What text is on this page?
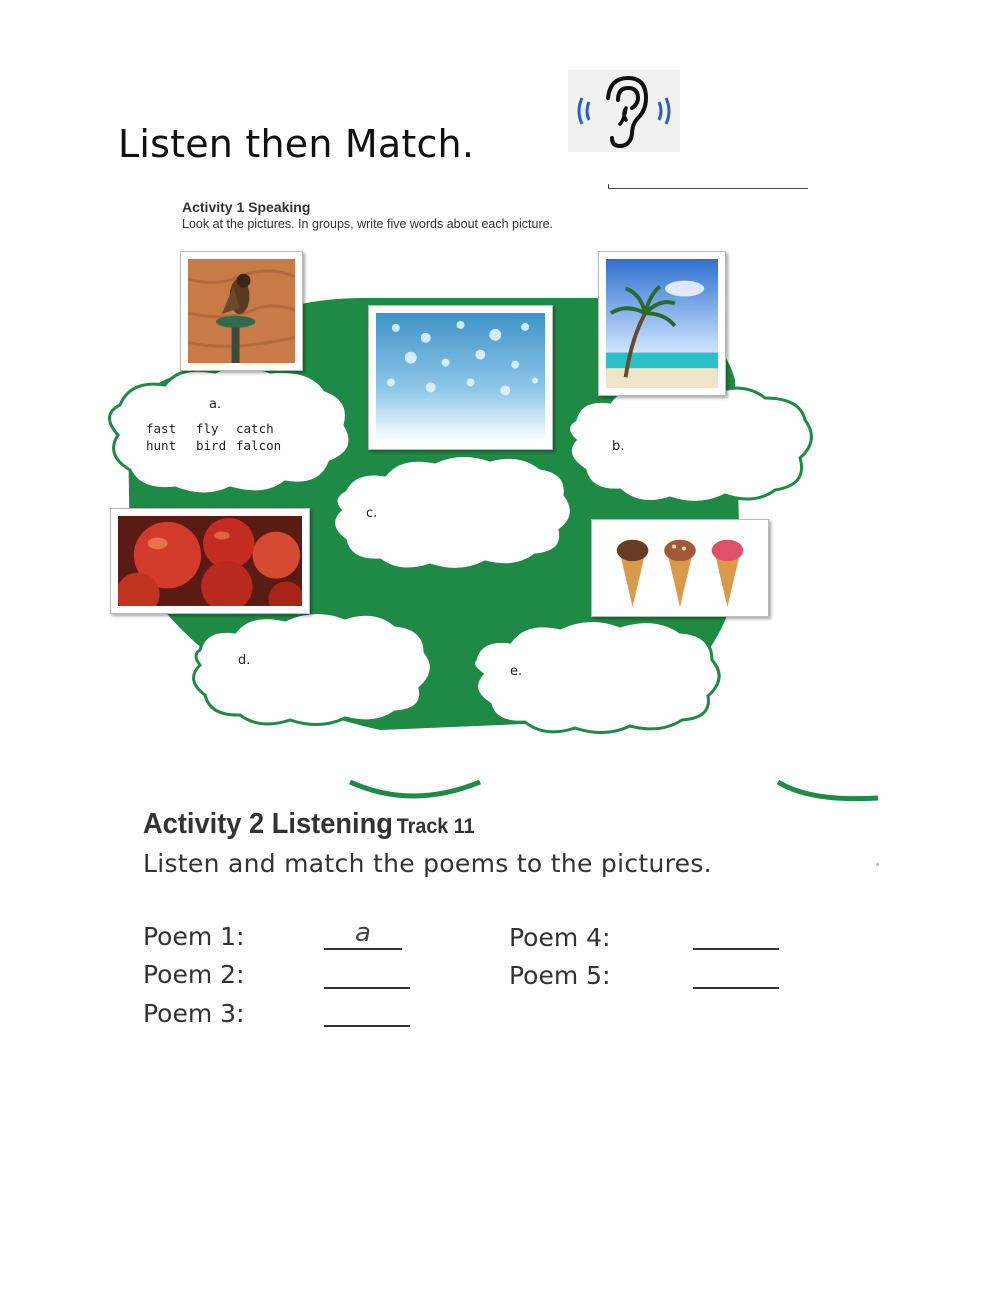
Listen then Match.
Activity 1 Speaking
Look at the pictures. In groups, write five words about each picture.
a.
fast	fly	catch
hunt	bird falcon	b.
c.
d.
e.
Activity 2 Listening Track 11
Listen and match the poems to the pictures.
Poem 1:	a
Poem 2:
Poem 3:
Poem 4:
Poem 5:
